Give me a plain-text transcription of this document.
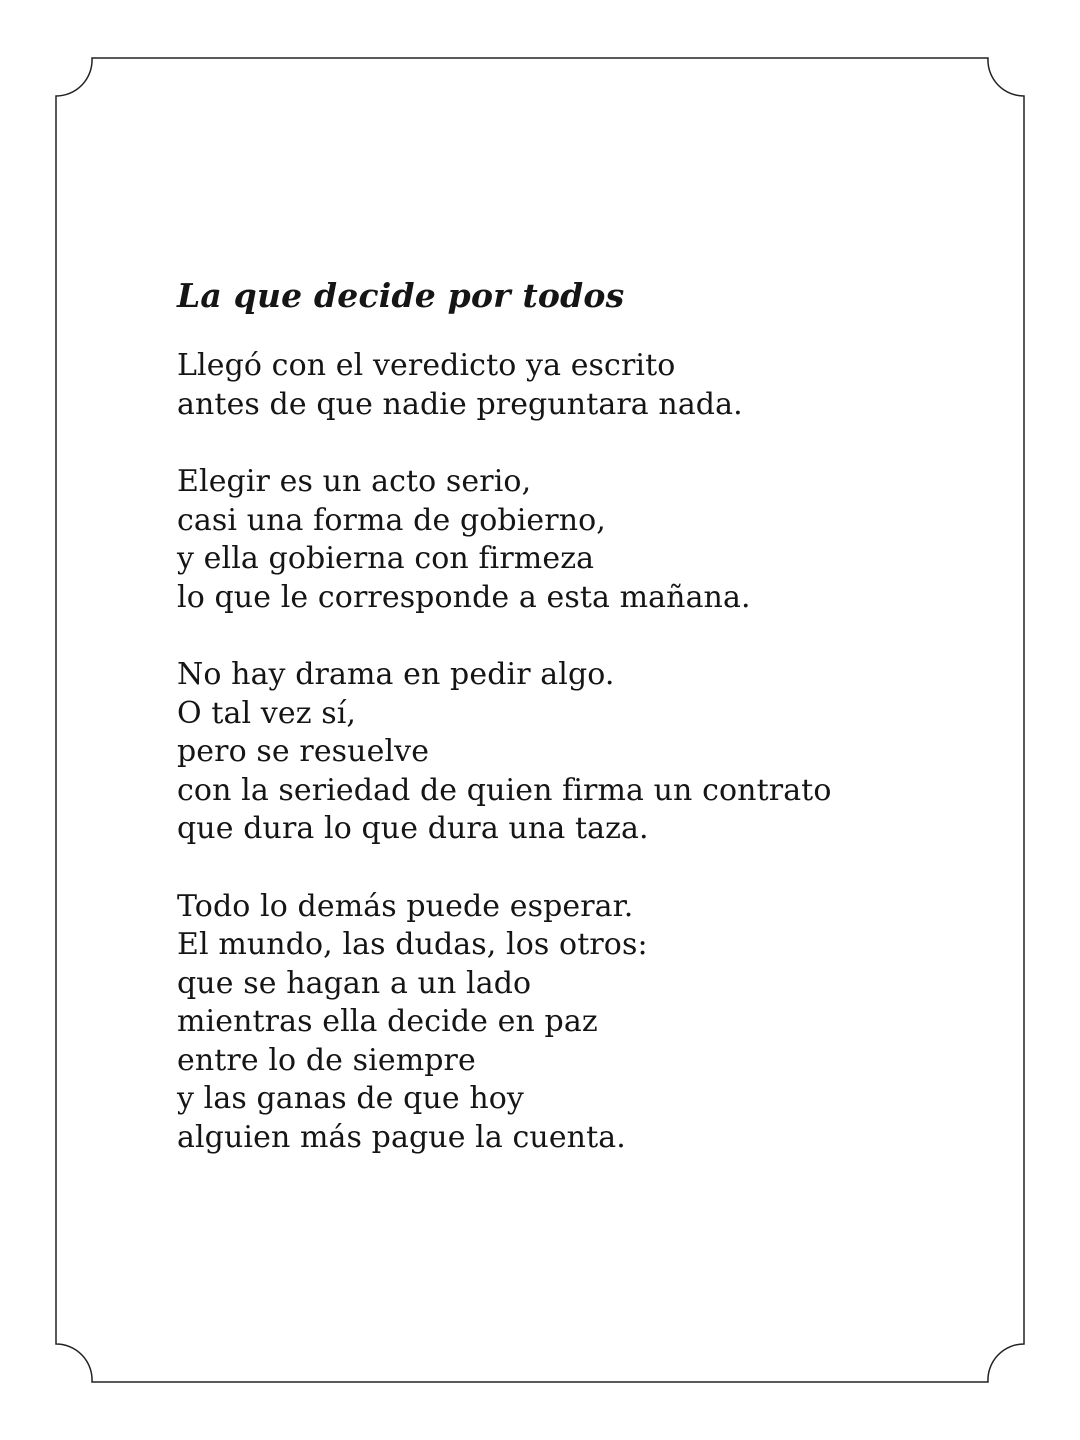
La que decide por todos
Llegó con el veredicto ya escrito
antes de que nadie preguntara nada.
Elegir es un acto serio,
casi una forma de gobierno,
y ella gobierna con firmeza
lo que le corresponde a esta mañana.
No hay drama en pedir algo.
O tal vez sí,
pero se resuelve
con la seriedad de quien firma un contrato
que dura lo que dura una taza.
Todo lo demás puede esperar.
El mundo, las dudas, los otros:
que se hagan a un lado
mientras ella decide en paz
entre lo de siempre
y las ganas de que hoy
alguien más pague la cuenta.
